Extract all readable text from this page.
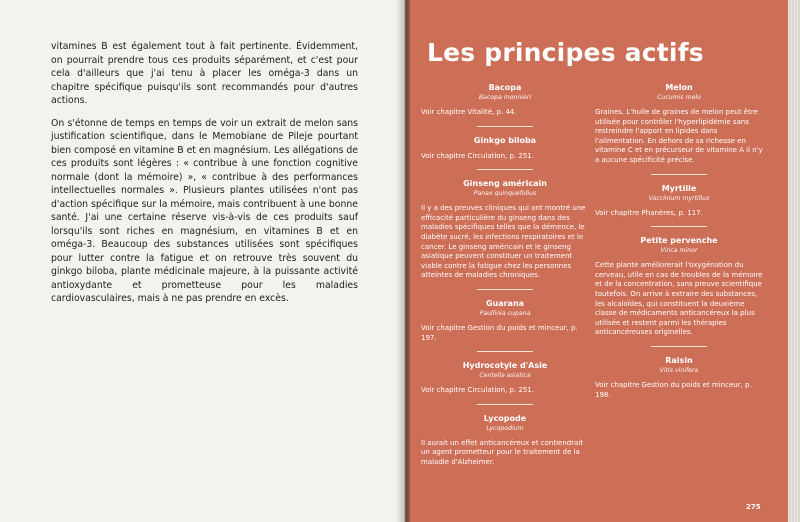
vitamines B est également tout à fait pertinente. Évidemment, on pourrait prendre tous ces produits séparément, et c'est pour cela d'ailleurs que j'ai tenu à placer les oméga-3 dans un chapitre spécifique puisqu'ils sont recommandés pour d'autres actions.

On s'étonne de temps en temps de voir un extrait de melon sans justification scientifique, dans le Memobiane de Pileje pourtant bien composé en vitamine B et en magnésium. Les allégations de ces produits sont légères : « contribue à une fonction cognitive normale (dont la mémoire) », « contribue à des performances intellectuelles normales ». Plusieurs plantes utilisées n'ont pas d'action spécifique sur la mémoire, mais contribuent à une bonne santé. J'ai une certaine réserve vis-à-vis de ces produits sauf lorsqu'ils sont riches en magnésium, en vitamines B et en oméga-3. Beaucoup des substances utilisées sont spécifiques pour lutter contre la fatigue et on retrouve très souvent du ginkgo biloba, plante médicinale majeure, à la puissante activité antioxydante et prometteuse pour les maladies cardiovasculaires, mais à ne pas prendre en excès.

Les principes actifs
Bacopa
Bacopa monnieri
Voir chapitre Vitalité, p. 44.
Ginkgo biloba
Voir chapitre Circulation, p. 251.
Ginseng américain
Panax quinquefolius
Il y a des preuves cliniques qui ont montré une efficacité particulière du ginseng dans des maladies spécifiques telles que la démence, le diabète sucré, les infections respiratoires et le cancer. Le ginseng américain et le ginseng asiatique peuvent constituer un traitement viable contre la fatigue chez les personnes atteintes de maladies chroniques.
Guarana
Paullinia cupana
Voir chapitre Gestion du poids et minceur, p. 197.
Hydrocotyle d'Asie
Centella asiatica
Voir chapitre Circulation, p. 251.
Lycopode
Lycopodium
Il aurait un effet anticancéreux et contiendrait un agent prometteur pour le traitement de la maladie d'Alzheimer.
Melon
Cucumis melo
Graines. L'huile de graines de melon peut être utilisée pour contrôler l'hyperlipidémie sans restreindre l'apport en lipides dans l'alimentation. En dehors de sa richesse en vitamine C et en précurseur de vitamine A il n'y a aucune spécificité précise.
Myrtille
Vaccinium myrtillus
Voir chapitre Phanères, p. 117.
Petite pervenche
Vinca minor
Cette plante améliorerait l'oxygénation du cerveau, utile en cas de troubles de la mémoire et de la concentration, sans preuve scientifique toutefois. On arrive à extraire des substances, les alcaloïdes, qui constituent la deuxième classe de médicaments anticancéreux la plus utilisée et restent parmi les thérapies anticancéreuses originelles.
Raisin
Vitis vinifera
Voir chapitre Gestion du poids et minceur, p. 198.
275
